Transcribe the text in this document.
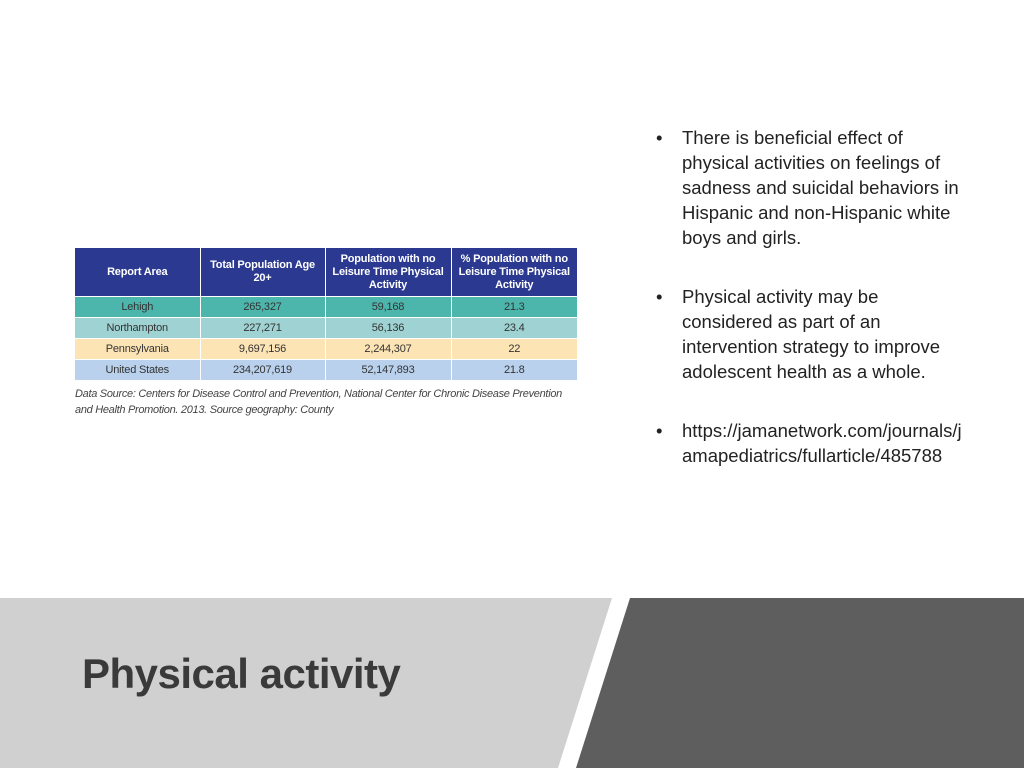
Report Area	Total Population Age 20+	Population with no Leisure Time Physical Activity	% Population with no Leisure Time Physical Activity
Lehigh	265,327	59,168	21.3
Northampton	227,271	56,136	23.4
Pennsylvania	9,697,156	2,244,307	22
United States	234,207,619	52,147,893	21.8
Data Source: Centers for Disease Control and Prevention, National Center for Chronic Disease Prevention and Health Promotion. 2013. Source geography: County
• There is beneficial effect of physical activities on feelings of sadness and suicidal behaviors in Hispanic and non-Hispanic white boys and girls.
• Physical activity may be considered as part of an intervention strategy to improve adolescent health as a whole.
• https://jamanetwork.com/journals/jamapediatrics/fullarticle/485788
Physical activity
